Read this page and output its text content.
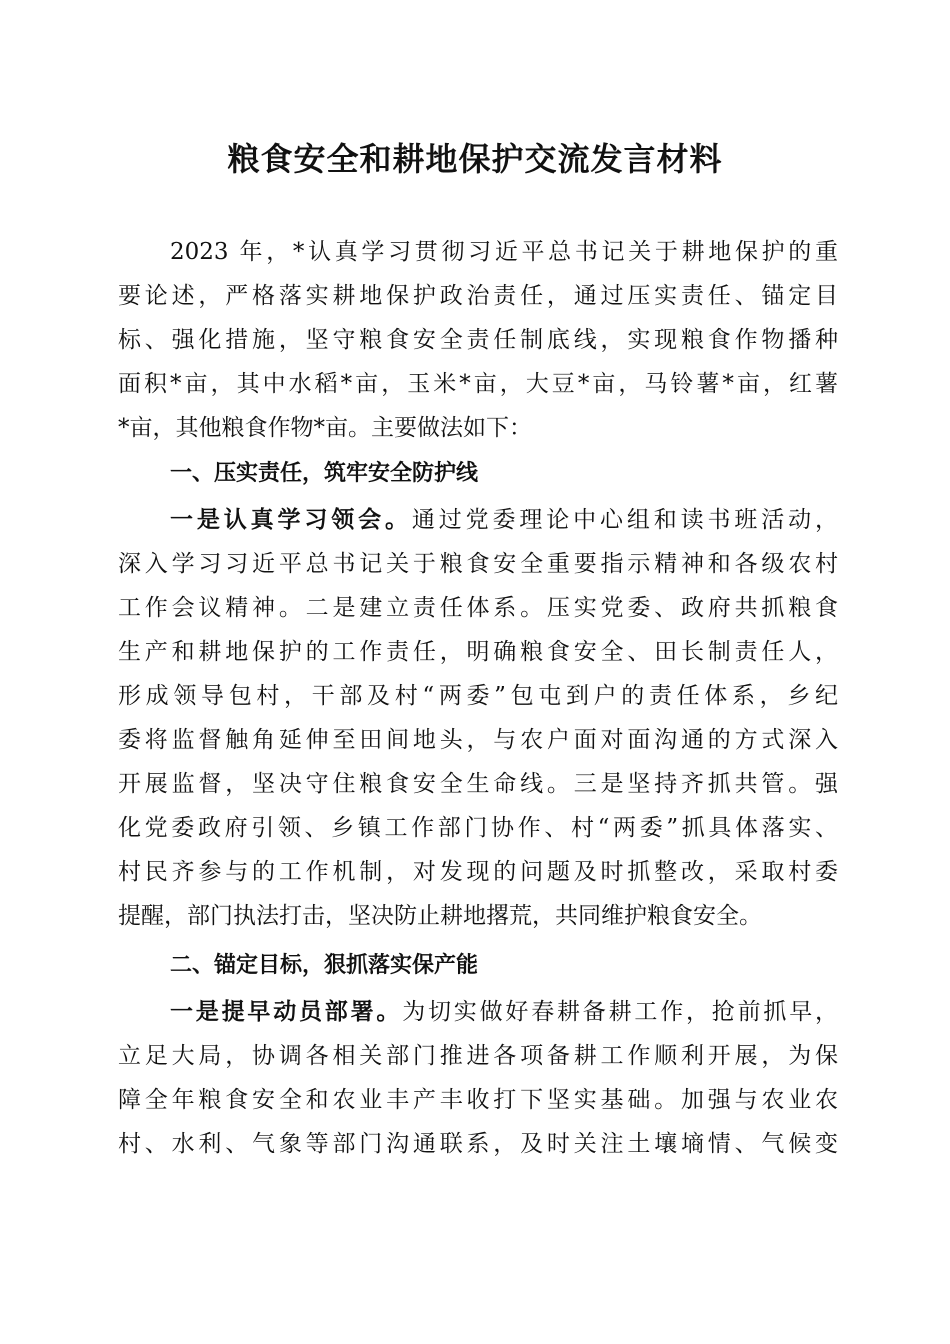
粮食安全和耕地保护交流发言材料
2023 年，*认真学习贯彻习近平总书记关于耕地保护的重
要论述，严格落实耕地保护政治责任，通过压实责任、锚定目
标、强化措施，坚守粮食安全责任制底线，实现粮食作物播种
面积*亩，其中水稻*亩，玉米*亩，大豆*亩，马铃薯*亩，红薯
*亩，其他粮食作物*亩。主要做法如下：
一、压实责任，筑牢安全防护线
一是认真学习领会。通过党委理论中心组和读书班活动，
深入学习习近平总书记关于粮食安全重要指示精神和各级农村
工作会议精神。二是建立责任体系。压实党委、政府共抓粮食
生产和耕地保护的工作责任，明确粮食安全、田长制责任人，
形成领导包村，干部及村“两委”包屯到户的责任体系，乡纪
委将监督触角延伸至田间地头，与农户面对面沟通的方式深入
开展监督，坚决守住粮食安全生命线。三是坚持齐抓共管。强
化党委政府引领、乡镇工作部门协作、村“两委”抓具体落实、
村民齐参与的工作机制，对发现的问题及时抓整改，采取村委
提醒，部门执法打击，坚决防止耕地撂荒，共同维护粮食安全。
二、锚定目标，狠抓落实保产能
一是提早动员部署。为切实做好春耕备耕工作，抢前抓早，
立足大局，协调各相关部门推进各项备耕工作顺利开展，为保
障全年粮食安全和农业丰产丰收打下坚实基础。加强与农业农
村、水利、气象等部门沟通联系，及时关注土壤墒情、气候变
